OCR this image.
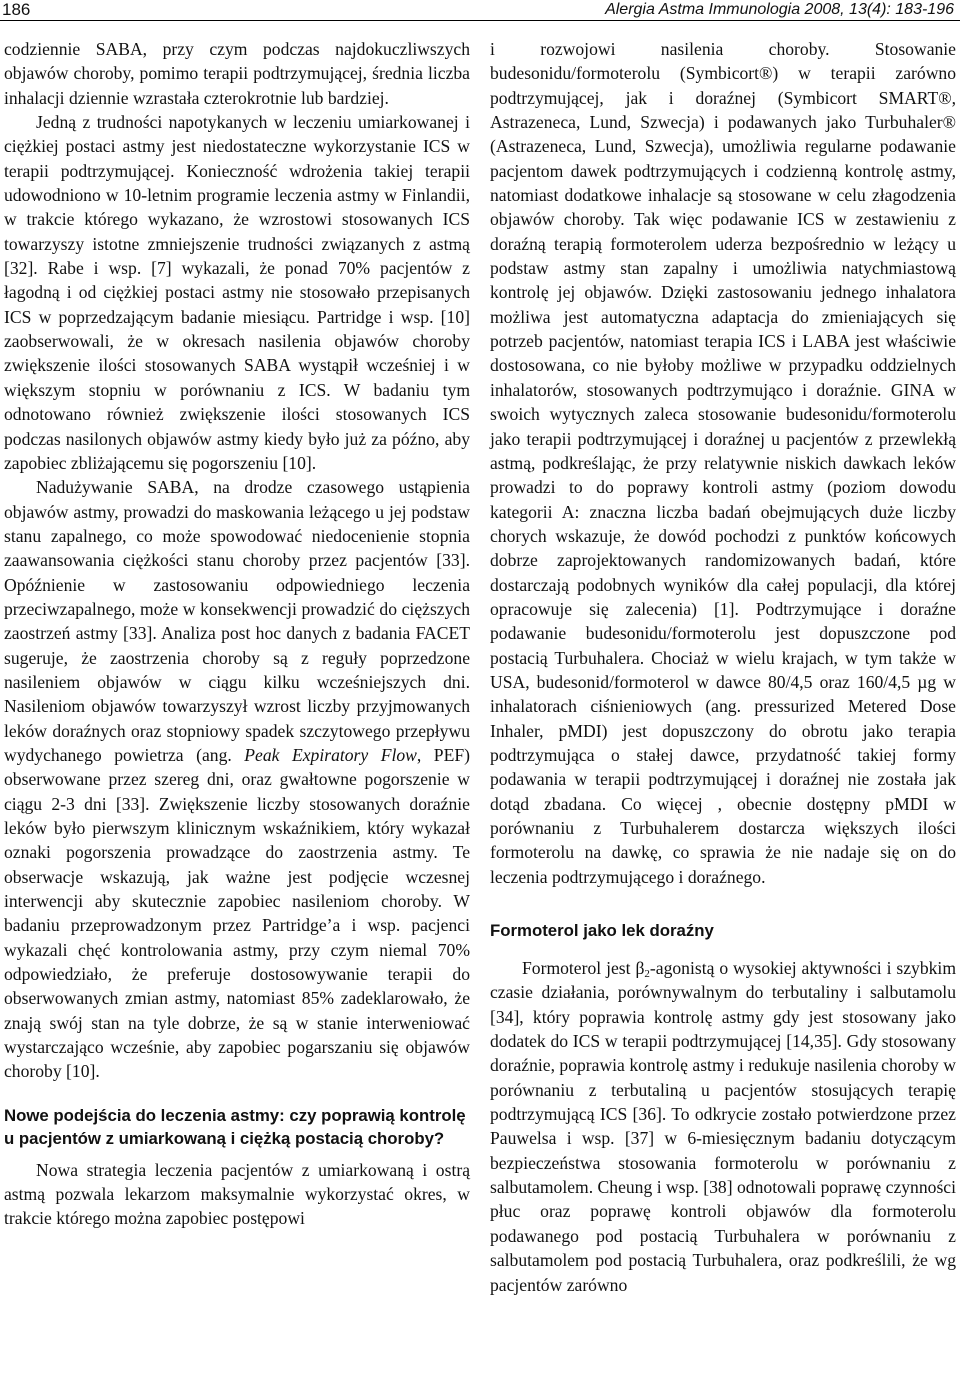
186	Alergia Astma Immunologia 2008, 13(4): 183-196

codziennie SABA, przy czym podczas najdokuczliwszych objawów choroby, pomimo terapii podtrzymującej, średnia liczba inhalacji dziennie wzrastała czterokrotnie lub bardziej.

Jedną z trudności napotykanych w leczeniu umiarkowanej i ciężkiej postaci astmy jest niedostateczne wykorzystanie ICS w terapii podtrzymującej. Konieczność wdrożenia takiej terapii udowodniono w 10-letnim programie leczenia astmy w Finlandii, w trakcie którego wykazano, że wzrostowi stosowanych ICS towarzyszy istotne zmniejszenie trudności związanych z astmą [32]. Rabe i wsp. [7] wykazali, że ponad 70% pacjentów z łagodną i od ciężkiej postaci astmy nie stosowało przepisanych ICS w poprzedzającym badanie miesiącu. Partridge i wsp. [10] zaobserwowali, że w okresach nasilenia objawów choroby zwiększenie ilości stosowanych SABA wystąpił wcześniej i w większym stopniu w porównaniu z ICS. W badaniu tym odnotowano również zwiększenie ilości stosowanych ICS podczas nasilonych objawów astmy kiedy było już za późno, aby zapobiec zbliżającemu się pogorszeniu [10].

Nadużywanie SABA, na drodze czasowego ustąpienia objawów astmy, prowadzi do maskowania leżącego u jej podstaw stanu zapalnego, co może spowodować niedocenienie stopnia zaawansowania ciężkości stanu choroby przez pacjentów [33]. Opóźnienie w zastosowaniu odpowiedniego leczenia przeciwzapalnego, może w konsekwencji prowadzić do cięższych zaostrzeń astmy [33]. Analiza post hoc danych z badania FACET sugeruje, że zaostrzenia choroby są z reguły poprzedzone nasileniem objawów w ciągu kilku wcześniejszych dni. Nasileniom objawów towarzyszył wzrost liczby przyjmowanych leków doraźnych oraz stopniowy spadek szczytowego przepływu wydychanego powietrza (ang. Peak Expiratory Flow, PEF) obserwowane przez szereg dni, oraz gwałtowne pogorszenie w ciągu 2-3 dni [33]. Zwiększenie liczby stosowanych doraźnie leków było pierwszym klinicznym wskaźnikiem, który wykazał oznaki pogorszenia prowadzące do zaostrzenia astmy. Te obserwacje wskazują, jak ważne jest podjęcie wczesnej interwencji aby skutecznie zapobiec nasileniom choroby. W badaniu przeprowadzonym przez Partridge’a i wsp. pacjenci wykazali chęć kontrolowania astmy, przy czym niemal 70% odpowiedziało, że preferuje dostosowywanie terapii do obserwowanych zmian astmy, natomiast 85% zadeklarowało, że znają swój stan na tyle dobrze, że są w stanie interweniować wystarczająco wcześnie, aby zapobiec pogarszaniu się objawów choroby [10].

Nowe podejścia do leczenia astmy: czy poprawią kontrolę u pacjentów z umiarkowaną i ciężką postacią choroby?

Nowa strategia leczenia pacjentów z umiarkowaną i ostrą astmą pozwala lekarzom maksymalnie wykorzystać okres, w trakcie którego można zapobiec postępowi

i rozwojowi nasilenia choroby. Stosowanie budesonidu/formoterolu (Symbicort®) w terapii zarówno podtrzymującej, jak i doraźnej (Symbicort SMART®, Astrazeneca, Lund, Szwecja) i podawanych jako Turbuhaler® (Astrazeneca, Lund, Szwecja), umożliwia regularne podawanie pacjentom dawek podtrzymujących i codzienną kontrolę astmy, natomiast dodatkowe inhalacje są stosowane w celu złagodzenia objawów choroby. Tak więc podawanie ICS w zestawieniu z doraźną terapią formoterolem uderza bezpośrednio w leżący u podstaw astmy stan zapalny i umożliwia natychmiastową kontrolę jej objawów. Dzięki zastosowaniu jednego inhalatora możliwa jest automatyczna adaptacja do zmieniających się potrzeb pacjentów, natomiast terapia ICS i LABA jest właściwie dostosowana, co nie byłoby możliwe w przypadku oddzielnych inhalatorów, stosowanych podtrzymująco i doraźnie. GINA w swoich wytycznych zaleca stosowanie budesonidu/formoterolu jako terapii podtrzymującej i doraźnej u pacjentów z przewlekłą astmą, podkreślając, że przy relatywnie niskich dawkach leków prowadzi to do poprawy kontroli astmy (poziom dowodu kategorii A: znaczna liczba badań obejmujących duże liczby chorych wskazuje, że dowód pochodzi z punktów końcowych dobrze zaprojektowanych randomizowanych badań, które dostarczają podobnych wyników dla całej populacji, dla której opracowuje się zalecenia) [1]. Podtrzymujące i doraźne podawanie budesonidu/formoterolu jest dopuszczone pod postacią Turbuhalera. Chociaż w wielu krajach, w tym także w USA, budesonid/formoterol w dawce 80/4,5 oraz 160/4,5 µg w inhalatorach ciśnieniowych (ang. pressurized Metered Dose Inhaler, pMDI) jest dopuszczony do obrotu jako terapia podtrzymująca o stałej dawce, przydatność takiej formy podawania w terapii podtrzymującej i doraźnej nie została jak dotąd zbadana. Co więcej , obecnie dostępny pMDI w porównaniu z Turbuhalerem dostarcza większych ilości formoterolu na dawkę, co sprawia że nie nadaje się on do leczenia podtrzymującego i doraźnego.

Formoterol jako lek doraźny

Formoterol jest $\beta_2$-agonistą o wysokiej aktywności i szybkim czasie działania, porównywalnym do terbutaliny i salbutamolu [34], który poprawia kontrolę astmy gdy jest stosowany jako dodatek do ICS w terapii podtrzymującej [14,35]. Gdy stosowany doraźnie, poprawia kontrolę astmy i redukuje nasilenia choroby w porównaniu z terbutaliną u pacjentów stosujących terapię podtrzymującą ICS [36]. To odkrycie zostało potwierdzone przez Pauwelsa i wsp. [37] w 6-miesięcznym badaniu dotyczącym bezpieczeństwa stosowania formoterolu w porównaniu z salbutamolem. Cheung i wsp. [38] odnotowali poprawę czynności płuc oraz poprawę kontroli objawów dla formoterolu podawanego pod postacią Turbuhalera w porównaniu z salbutamolem pod postacią Turbuhalera, oraz podkreślili, że wg pacjentów zarówno
